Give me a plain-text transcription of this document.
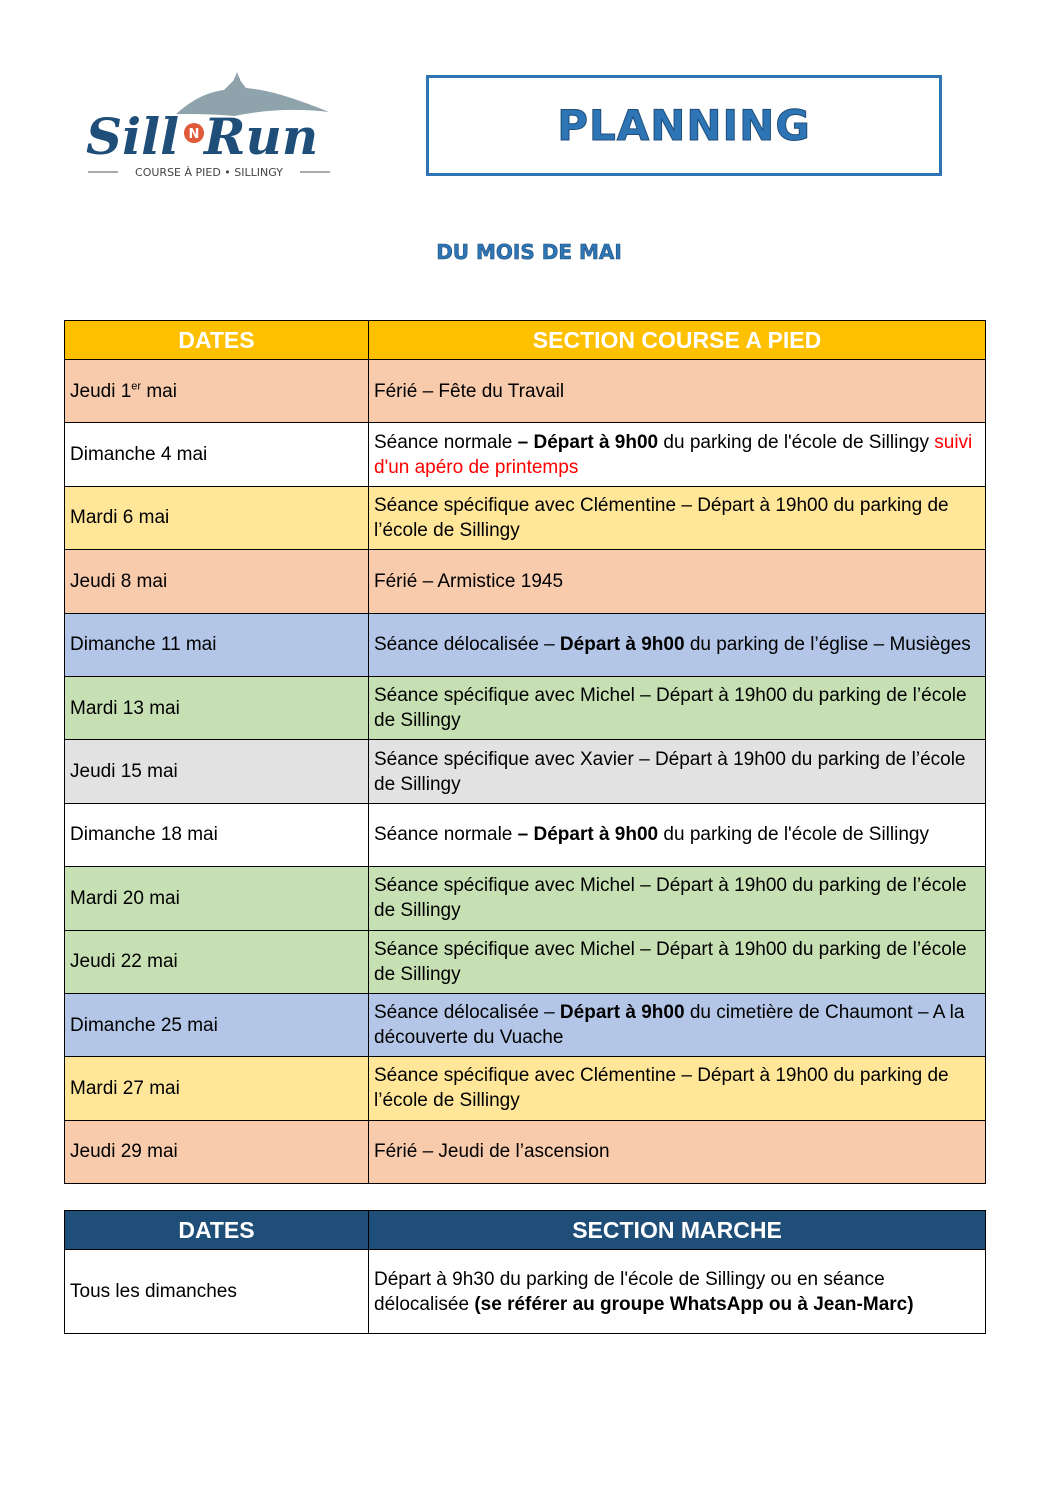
Sill N Run
COURSE À PIED • SILLINGY
PLANNING
DU MOIS DE MAI
DATES	SECTION COURSE A PIED
Jeudi 1er mai	Férié – Fête du Travail
Dimanche 4 mai	Séance normale – Départ à 9h00 du parking de l'école de Sillingy suivi d'un apéro de printemps
Mardi 6 mai	Séance spécifique avec Clémentine – Départ à 19h00 du parking de l’école de Sillingy
Jeudi 8 mai	Férié – Armistice 1945
Dimanche 11 mai	Séance délocalisée – Départ à 9h00 du parking de l’église – Musièges
Mardi 13 mai	Séance spécifique avec Michel – Départ à 19h00 du parking de l’école de Sillingy
Jeudi 15 mai	Séance spécifique avec Xavier – Départ à 19h00 du parking de l’école de Sillingy
Dimanche 18 mai	Séance normale – Départ à 9h00 du parking de l'école de Sillingy
Mardi 20 mai	Séance spécifique avec Michel – Départ à 19h00 du parking de l’école de Sillingy
Jeudi 22 mai	Séance spécifique avec Michel – Départ à 19h00 du parking de l’école de Sillingy
Dimanche 25 mai	Séance délocalisée – Départ à 9h00 du cimetière de Chaumont – A la découverte du Vuache
Mardi 27 mai	Séance spécifique avec Clémentine – Départ à 19h00 du parking de l’école de Sillingy
Jeudi 29 mai	Férié – Jeudi de l’ascension
DATES	SECTION MARCHE
Tous les dimanches	Départ à 9h30 du parking de l'école de Sillingy ou en séance délocalisée (se référer au groupe WhatsApp ou à Jean-Marc)
